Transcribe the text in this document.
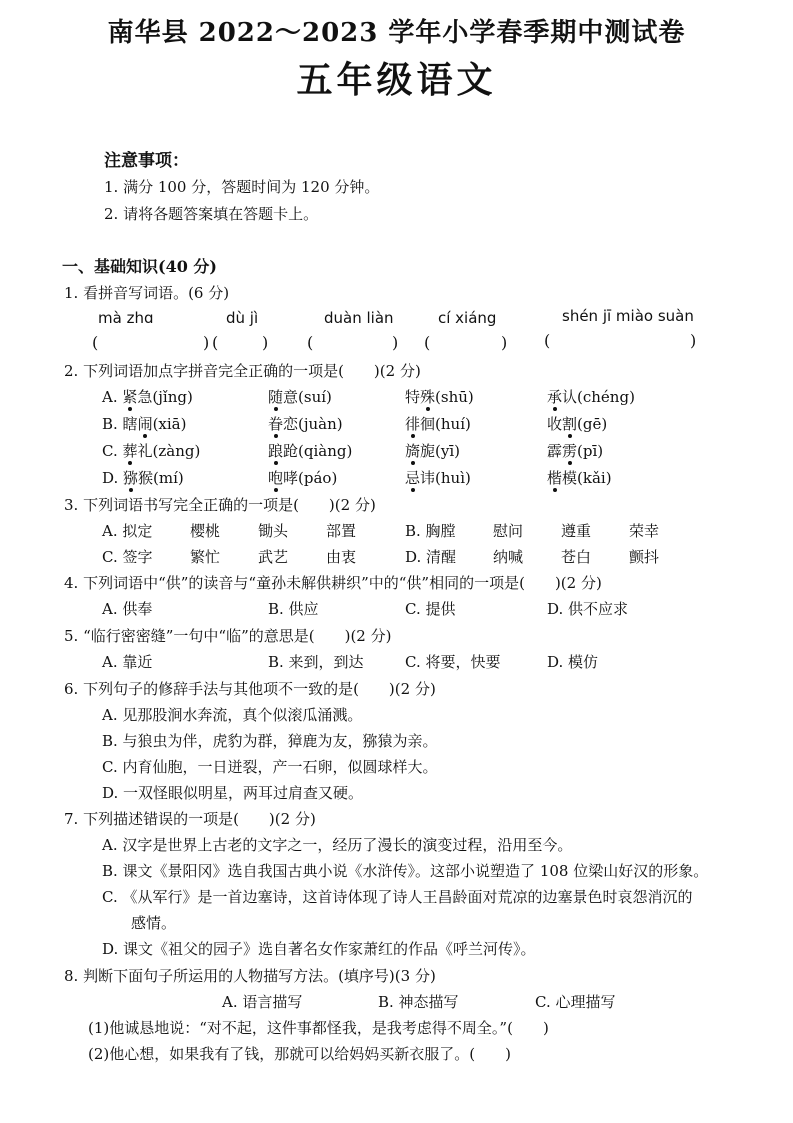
南华县 2022～2023 学年小学春季期中测试卷
五年级语文
注意事项：
1. 满分 100 分，答题时间为 120 分钟。
2. 请将各题答案填在答题卡上。
一、基础知识(40 分)
1. 看拼音写词语。(6 分)
mà zhɑ	dù jì	duàn liàn	cí xiáng	shén jī miào suàn
(	) (	) (	) (	) (	)
2. 下列词语加点字拼音完全正确的一项是(　　)(2 分)
A. 紧急(jǐng)	随意(suí)	特殊(shū)	承认(chéng)
B. 瞎闹(xiā)	眷恋(juàn)	徘徊(huí)	收割(gē)
C. 葬礼(zàng)	踉跄(qiàng)	旖旎(yī)	霹雳(pī)
D. 猕猴(mí)	咆哮(páo)	忌讳(huì)	楷模(kǎi)
3. 下列词语书写完全正确的一项是(　　)(2 分)
A. 拟定	樱桃	锄头	部置	B. 胸膛 慰问	遵重	荣幸
C. 签字	繁忙	武艺	由衷	D. 清醒 纳喊	苍白	颤抖
4. 下列词语中“供”的读音与“童孙未解供耕织”中的“供”相同的一项是(　　)(2 分)
A. 供奉	B. 供应	C. 提供	D. 供不应求
5. “临行密密缝”一句中“临”的意思是(　　)(2 分)
A. 靠近	B. 来到，到达	C. 将要，快要	D. 模仿
6. 下列句子的修辞手法与其他项不一致的是(　　)(2 分)
A. 见那股涧水奔流，真个似滚瓜涌溅。
B. 与狼虫为伴，虎豹为群，獐鹿为友，猕猿为亲。
C. 内育仙胞，一日迸裂，产一石卵，似圆球样大。
D. 一双怪眼似明星，两耳过肩查又硬。
7. 下列描述错误的一项是(　　)(2 分)
A. 汉字是世界上古老的文字之一，经历了漫长的演变过程，沿用至今。
B. 课文《景阳冈》选自我国古典小说《水浒传》。这部小说塑造了 108 位梁山好汉的形象。
C. 《从军行》是一首边塞诗，这首诗体现了诗人王昌龄面对荒凉的边塞景色时哀怨消沉的
感情。
D. 课文《祖父的园子》选自著名女作家萧红的作品《呼兰河传》。
8. 判断下面句子所运用的人物描写方法。(填序号)(3 分)
A. 语言描写	B. 神态描写	C. 心理描写
(1)他诚恳地说：“对不起，这件事都怪我，是我考虑得不周全。”(　　)
(2)他心想，如果我有了钱，那就可以给妈妈买新衣服了。(　　)
